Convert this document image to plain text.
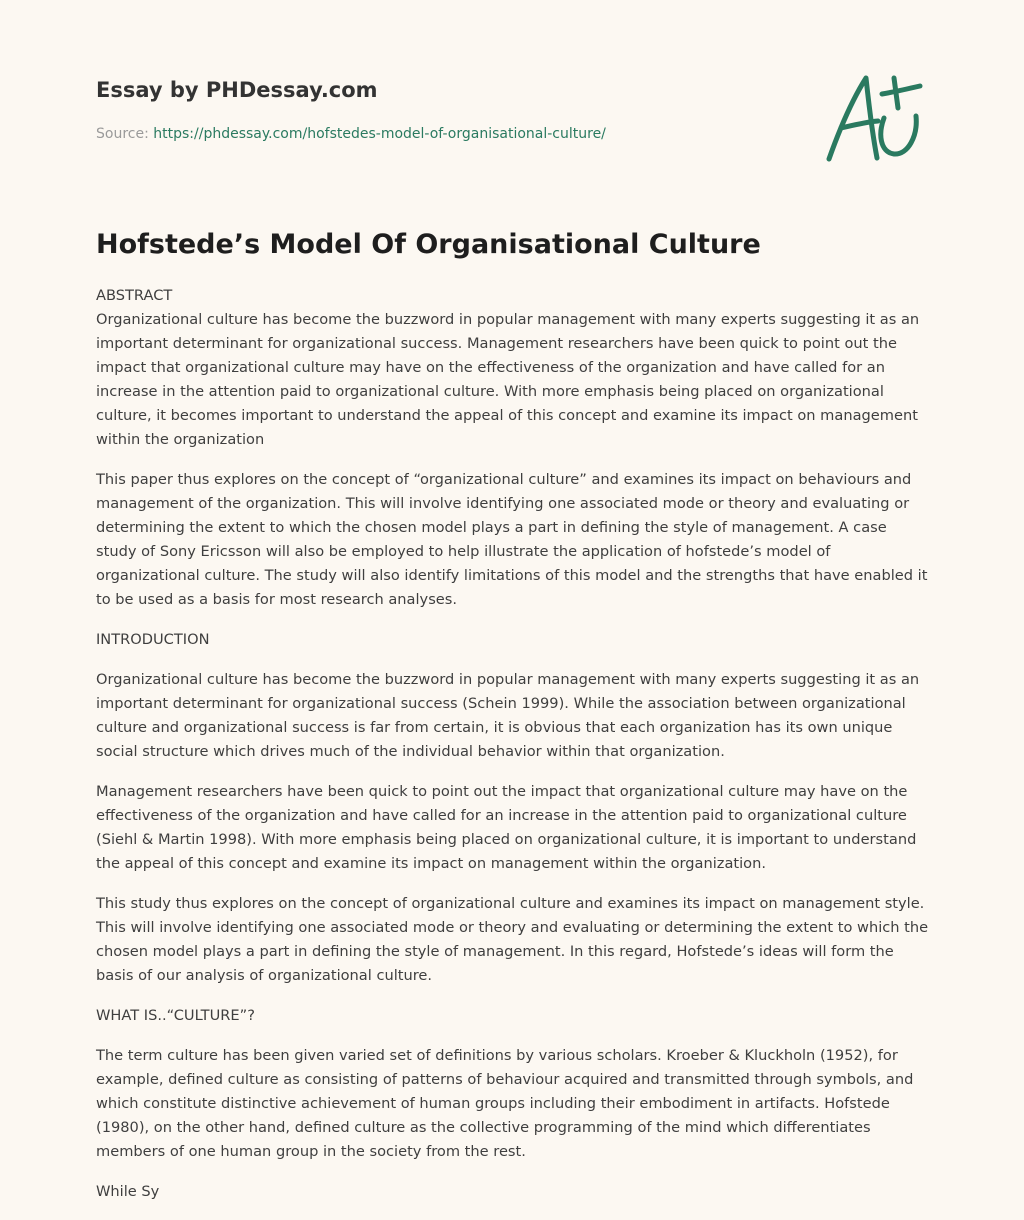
Essay by PHDessay.com
Source: https://phdessay.com/hofstedes-model-of-organisational-culture/
Hofstede’s Model Of Organisational Culture

ABSTRACT

Organizational culture has become the buzzword in popular management with many experts suggesting it as an important determinant for organizational success. Management researchers have been quick to point out the impact that organizational culture may have on the effectiveness of the organization and have called for an increase in the attention paid to organizational culture. With more emphasis being placed on organizational culture, it becomes important to understand the appeal of this concept and examine its impact on management within the organization

This paper thus explores on the concept of “organizational culture” and examines its impact on behaviours and management of the organization. This will involve identifying one associated mode or theory and evaluating or determining the extent to which the chosen model plays a part in defining the style of management. A case study of Sony Ericsson will also be employed to help illustrate the application of hofstede’s model of organizational culture. The study will also identify limitations of this model and the strengths that have enabled it to be used as a basis for most research analyses.

INTRODUCTION

Organizational culture has become the buzzword in popular management with many experts suggesting it as an important determinant for organizational success (Schein 1999). While the association between organizational culture and organizational success is far from certain, it is obvious that each organization has its own unique social structure which drives much of the individual behavior within that organization.

Management researchers have been quick to point out the impact that organizational culture may have on the effectiveness of the organization and have called for an increase in the attention paid to organizational culture (Siehl & Martin 1998). With more emphasis being placed on organizational culture, it is important to understand the appeal of this concept and examine its impact on management within the organization.

This study thus explores on the concept of organizational culture and examines its impact on management style. This will involve identifying one associated mode or theory and evaluating or determining the extent to which the chosen model plays a part in defining the style of management. In this regard, Hofstede’s ideas will form the basis of our analysis of organizational culture.

WHAT IS..“CULTURE”?

The term culture has been given varied set of definitions by various scholars. Kroeber & Kluckholn (1952), for example, defined culture as consisting of patterns of behaviour acquired and transmitted through symbols, and which constitute distinctive achievement of human groups including their embodiment in artifacts. Hofstede (1980), on the other hand, defined culture as the collective programming of the mind which differentiates members of one human group in the society from the rest.

While Sy
